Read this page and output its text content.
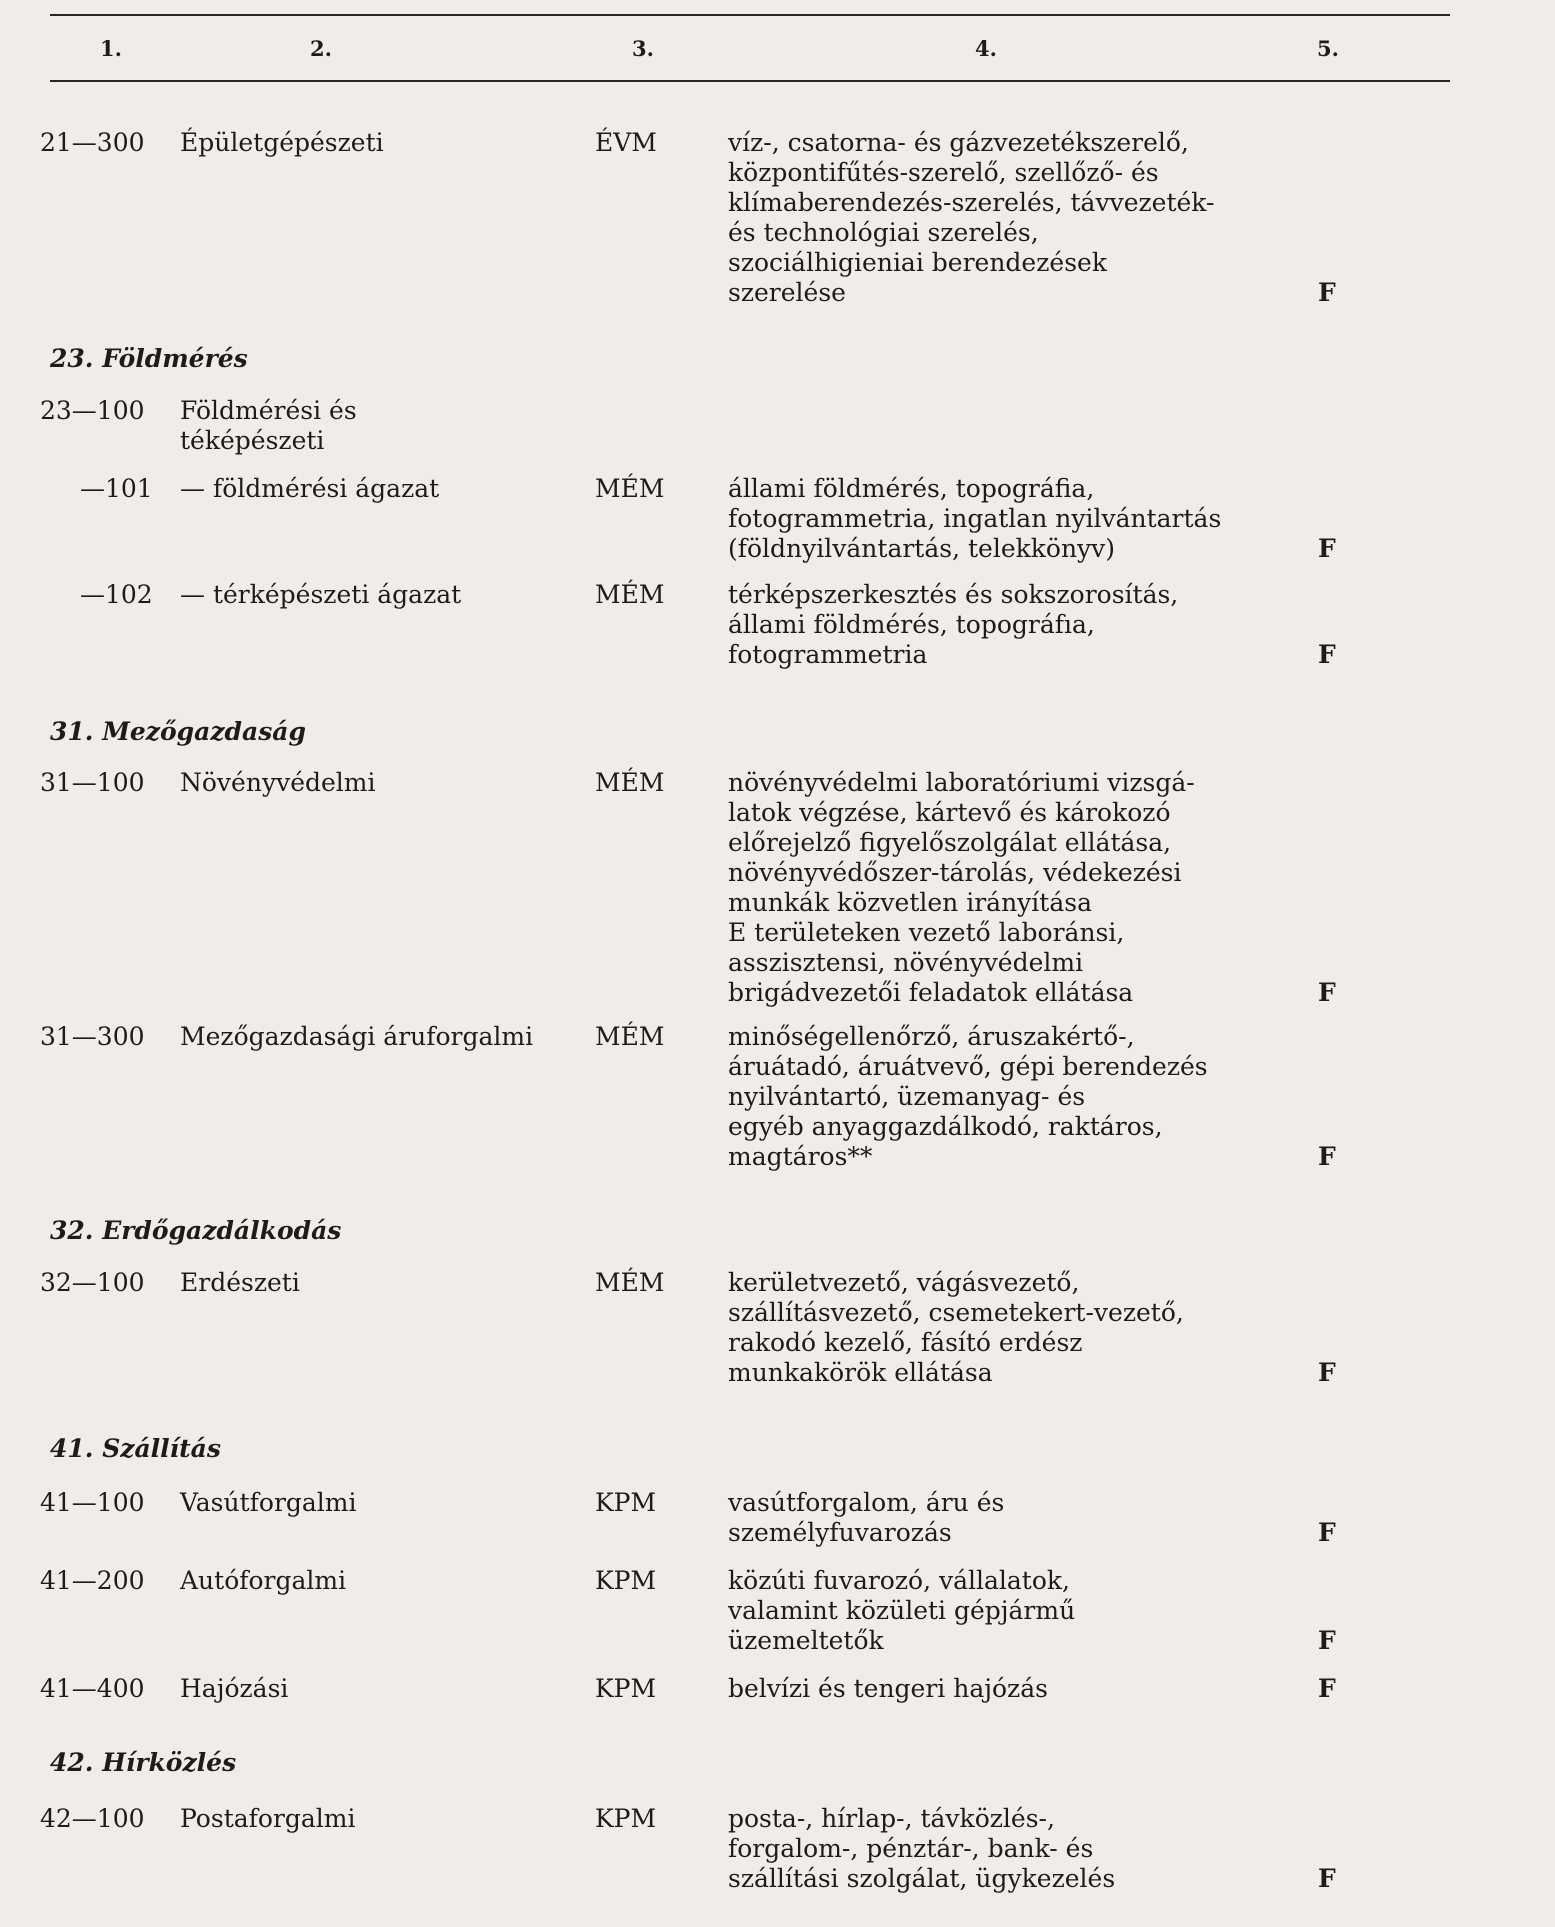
1.	2.	3.	4.	5.
21—300	Épületgépészeti	ÉVM	víz-, csatorna- és gázvezetékszerelő,
központifűtés-szerelő, szellőző- és
klímaberendezés-szerelés, távvezeték-
és technológiai szerelés,
szociálhigieniai berendezések
szerelése	F
23. Földmérés
23—100	Földmérési és
téképészeti
—101	— földmérési ágazat	MÉM	állami földmérés, topográfia,
fotogrammetria, ingatlan nyilvántartás
(földnyilvántartás, telekkönyv)	F
—102	— térképészeti ágazat	MÉM	térképszerkesztés és sokszorosítás,
állami földmérés, topográfıa,
fotogrammetria	F
31. Mezőgazdaság
31—100	Növényvédelmi	MÉM	növényvédelmi laboratóriumi vizsgá-
latok végzése, kártevő és károkozó
előrejelző figyelőszolgálat ellátása,
növényvédőszer-tárolás, védekezési
munkák közvetlen irányítása
E területeken vezető laboránsi,
asszisztensi, növényvédelmi
brigádvezetői feladatok ellátása	F
31—300	Mezőgazdasági áruforgalmi	MÉM	minőségellenőrző, áruszakértő-,
áruátadó, áruátvevő, gépi berendezés
nyilvántartó, üzemanyag- és
egyéb anyaggazdálkodó, raktáros,
magtáros**	F
32. Erdőgazdálkodás
32—100	Erdészeti	MÉM	kerületvezető, vágásvezető,
szállításvezető, csemetekert-vezető,
rakodó kezelő, fásító erdész
munkakörök ellátása	F
41. Szállítás
41—100	Vasútforgalmi	KPM	vasútforgalom, áru és
személyfuvarozás	F
41—200	Autóforgalmi	KPM	közúti fuvarozó, vállalatok,
valamint közületi gépjármű
üzemeltetők	F
41—400	Hajózási	KPM	belvízi és tengeri hajózás	F
42. Hírközlés
42—100	Postaforgalmi	KPM	posta-, hírlap-, távközlés-,
forgalom-, pénztár-, bank- és
szállítási szolgálat, ügykezelés	F
